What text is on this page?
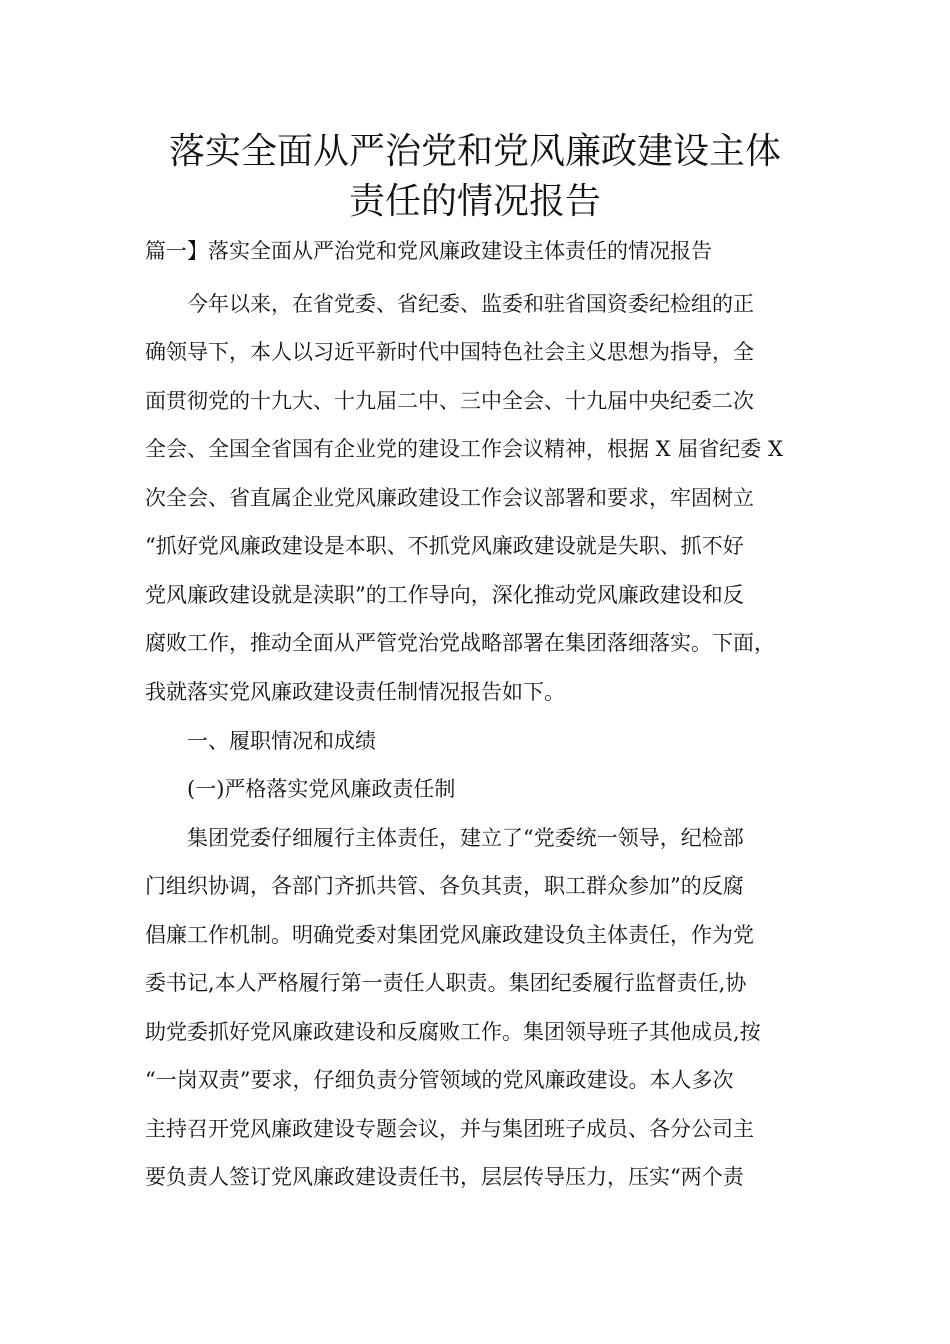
落实全面从严治党和党风廉政建设主体
责任的情况报告
篇一】落实全面从严治党和党风廉政建设主体责任的情况报告
　　今年以来，在省党委、省纪委、监委和驻省国资委纪检组的正
确领导下，本人以习近平新时代中国特色社会主义思想为指导，全
面贯彻党的十九大、十九届二中、三中全会、十九届中央纪委二次
全会、全国全省国有企业党的建设工作会议精神，根据 X 届省纪委 X
次全会、省直属企业党风廉政建设工作会议部署和要求，牢固树立
“抓好党风廉政建设是本职、不抓党风廉政建设就是失职、抓不好
党风廉政建设就是渎职”的工作导向，深化推动党风廉政建设和反
腐败工作，推动全面从严管党治党战略部署在集团落细落实。下面，
我就落实党风廉政建设责任制情况报告如下。
　　一、履职情况和成绩
　　(一)严格落实党风廉政责任制
　　集团党委仔细履行主体责任，建立了“党委统一领导，纪检部
门组织协调，各部门齐抓共管、各负其责，职工群众参加”的反腐
倡廉工作机制。明确党委对集团党风廉政建设负主体责任，作为党
委书记,本人严格履行第一责任人职责。集团纪委履行监督责任,协
助党委抓好党风廉政建设和反腐败工作。集团领导班子其他成员,按
“一岗双责”要求，仔细负责分管领域的党风廉政建设。本人多次
主持召开党风廉政建设专题会议，并与集团班子成员、各分公司主
要负责人签订党风廉政建设责任书，层层传导压力，压实“两个责
